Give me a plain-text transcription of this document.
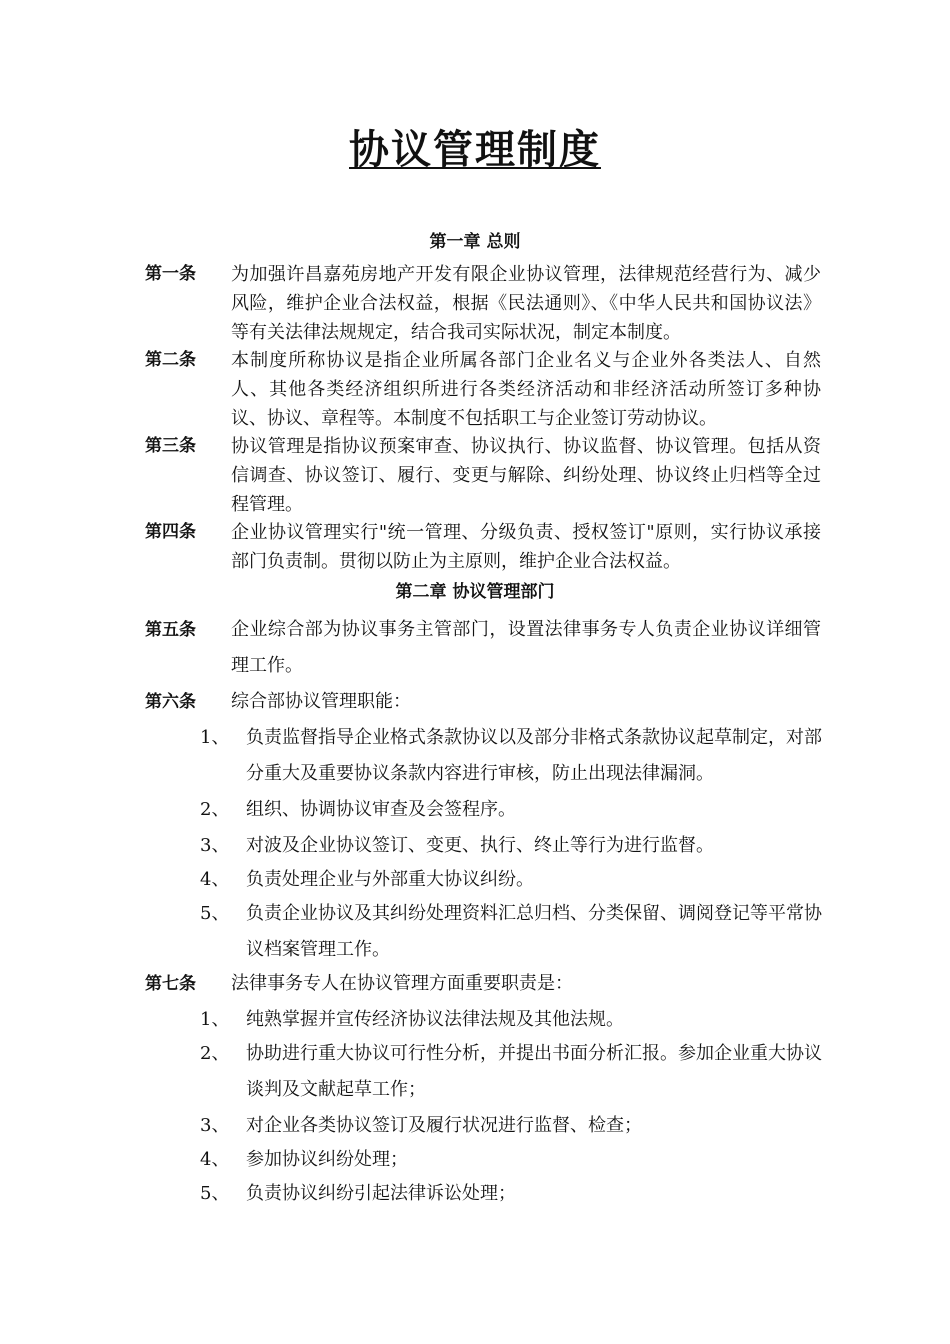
协议管理制度
第一章 总则
第一条 为加强许昌嘉苑房地产开发有限企业协议管理，法律规范经营行为、减少风险，维护企业合法权益，根据《民法通则》、《中华人民共和国协议法》等有关法律法规规定，结合我司实际状况，制定本制度。
第二条 本制度所称协议是指企业所属各部门企业名义与企业外各类法人、自然人、其他各类经济组织所进行各类经济活动和非经济活动所签订多种协议、协议、章程等。本制度不包括职工与企业签订劳动协议。
第三条 协议管理是指协议预案审查、协议执行、协议监督、协议管理。包括从资信调查、协议签订、履行、变更与解除、纠纷处理、协议终止归档等全过程管理。
第四条 企业协议管理实行"统一管理、分级负责、授权签订"原则，实行协议承接部门负责制。贯彻以防止为主原则，维护企业合法权益。
第二章 协议管理部门
第五条 企业综合部为协议事务主管部门，设置法律事务专人负责企业协议详细管理工作。
第六条 综合部协议管理职能：
1、 负责监督指导企业格式条款协议以及部分非格式条款协议起草制定，对部分重大及重要协议条款内容进行审核，防止出现法律漏洞。
2、 组织、协调协议审查及会签程序。
3、 对波及企业协议签订、变更、执行、终止等行为进行监督。
4、 负责处理企业与外部重大协议纠纷。
5、 负责企业协议及其纠纷处理资料汇总归档、分类保留、调阅登记等平常协议档案管理工作。
第七条 法律事务专人在协议管理方面重要职责是：
1、 纯熟掌握并宣传经济协议法律法规及其他法规。
2、 协助进行重大协议可行性分析，并提出书面分析汇报。参加企业重大协议谈判及文献起草工作；
3、 对企业各类协议签订及履行状况进行监督、检查；
4、 参加协议纠纷处理；
5、 负责协议纠纷引起法律诉讼处理；
